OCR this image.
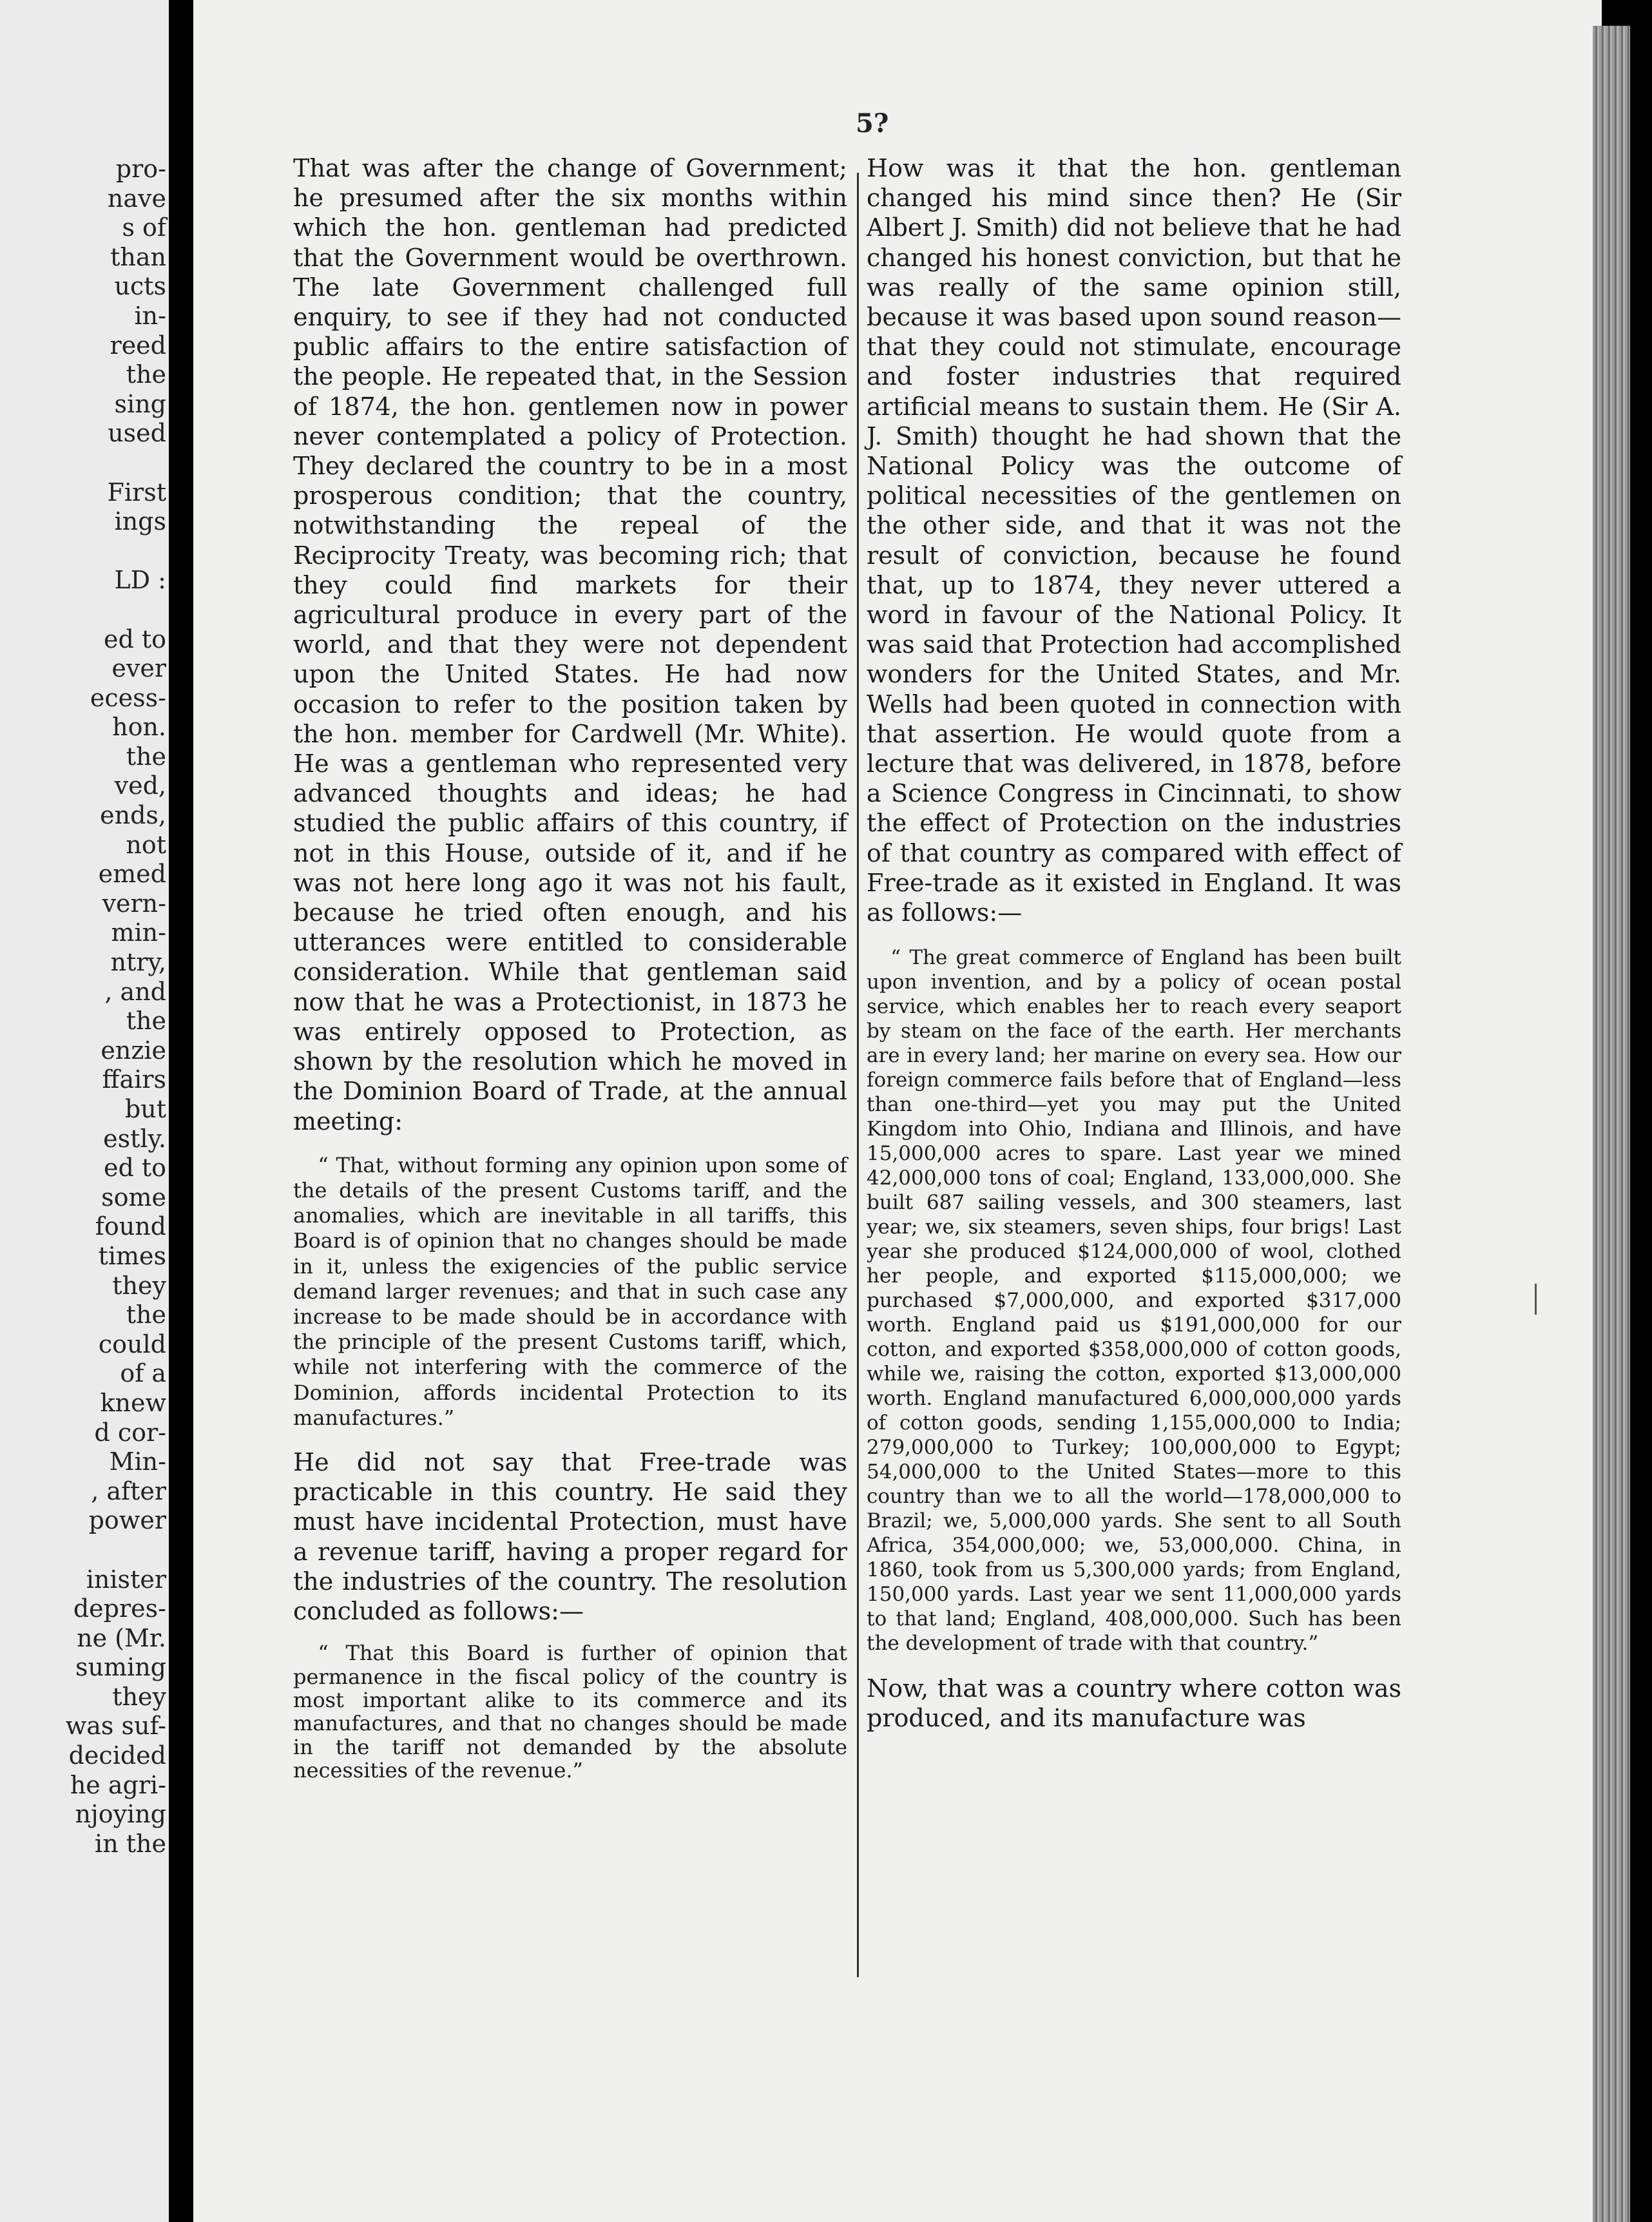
pro-
nave
s of
than
ucts
in-
reed
the
sing
used

First
ings

LD :

ed to
ever
ecess-
hon.
the
ved,
ends,
not
emed
vern-
min-
ntry,
, and
the
enzie
ffairs
but
estly.
ed to
some
found
times
they
the
could
of a
knew
d cor-
Min-
, after
power

inister
depres-
ne (Mr.
suming
they
was suf-
decided
he agri-
njoying
in the
5?

That was after the change of Government; he presumed after the six months within which the hon. gentleman had predicted that the Government would be overthrown. The late Government challenged full enquiry, to see if they had not conducted public affairs to the entire satisfaction of the people. He repeated that, in the Session of 1874, the hon. gentlemen now in power never contemplated a policy of Protection. They declared the country to be in a most prosperous condition; that the country, notwithstanding the repeal of the Reciprocity Treaty, was becoming rich; that they could find markets for their agricultural produce in every part of the world, and that they were not dependent upon the United States. He had now occasion to refer to the position taken by the hon. member for Cardwell (Mr. White). He was a gentleman who represented very advanced thoughts and ideas; he had studied the public affairs of this country, if not in this House, outside of it, and if he was not here long ago it was not his fault, because he tried often enough, and his utterances were entitled to considerable consideration. While that gentleman said now that he was a Protectionist, in 1873 he was entirely opposed to Protection, as shown by the resolution which he moved in the Dominion Board of Trade, at the annual meeting:

“ That, without forming any opinion upon some of the details of the present Customs tariff, and the anomalies, which are inevitable in all tariffs, this Board is of opinion that no changes should be made in it, unless the exigencies of the public service demand larger revenues; and that in such case any increase to be made should be in accordance with the principle of the present Customs tariff, which, while not interfering with the commerce of the Dominion, affords incidental Protection to its manufactures.”

He did not say that Free-trade was practicable in this country. He said they must have incidental Protection, must have a revenue tariff, having a proper regard for the industries of the country. The resolution concluded as follows:—

“ That this Board is further of opinion that permanence in the fiscal policy of the country is most important alike to its commerce and its manufactures, and that no changes should be made in the tariff not demanded by the absolute necessities of the revenue.”

How was it that the hon. gentleman changed his mind since then? He (Sir Albert J. Smith) did not believe that he had changed his honest conviction, but that he was really of the same opinion still, because it was based upon sound reason—that they could not stimulate, encourage and foster industries that required artificial means to sustain them. He (Sir A. J. Smith) thought he had shown that the National Policy was the outcome of political necessities of the gentlemen on the other side, and that it was not the result of conviction, because he found that, up to 1874, they never uttered a word in favour of the National Policy. It was said that Protection had accomplished wonders for the United States, and Mr. Wells had been quoted in connection with that assertion. He would quote from a lecture that was delivered, in 1878, before a Science Congress in Cincinnati, to show the effect of Protection on the industries of that country as compared with effect of Free-trade as it existed in England. It was as follows:—

“ The great commerce of England has been built upon invention, and by a policy of ocean postal service, which enables her to reach every seaport by steam on the face of the earth. Her merchants are in every land; her marine on every sea. How our foreign commerce fails before that of England—less than one-third—yet you may put the United Kingdom into Ohio, Indiana and Illinois, and have 15,000,000 acres to spare. Last year we mined 42,000,000 tons of coal; England, 133,000,000. She built 687 sailing vessels, and 300 steamers, last year; we, six steamers, seven ships, four brigs! Last year she produced $124,000,000 of wool, clothed her people, and exported $115,000,000; we purchased $7,000,000, and exported $317,000 worth. England paid us $191,000,000 for our cotton, and exported $358,000,000 of cotton goods, while we, raising the cotton, exported $13,000,000 worth. England manufactured 6,000,000,000 yards of cotton goods, sending 1,155,000,000 to India; 279,000,000 to Turkey; 100,000,000 to Egypt; 54,000,000 to the United States—more to this country than we to all the world—178,000,000 to Brazil; we, 5,000,000 yards. She sent to all South Africa, 354,000,000; we, 53,000,000. China, in 1860, took from us 5,300,000 yards; from England, 150,000 yards. Last year we sent 11,000,000 yards to that land; England, 408,000,000. Such has been the development of trade with that country.”

Now, that was a country where cotton was produced, and its manufacture was
